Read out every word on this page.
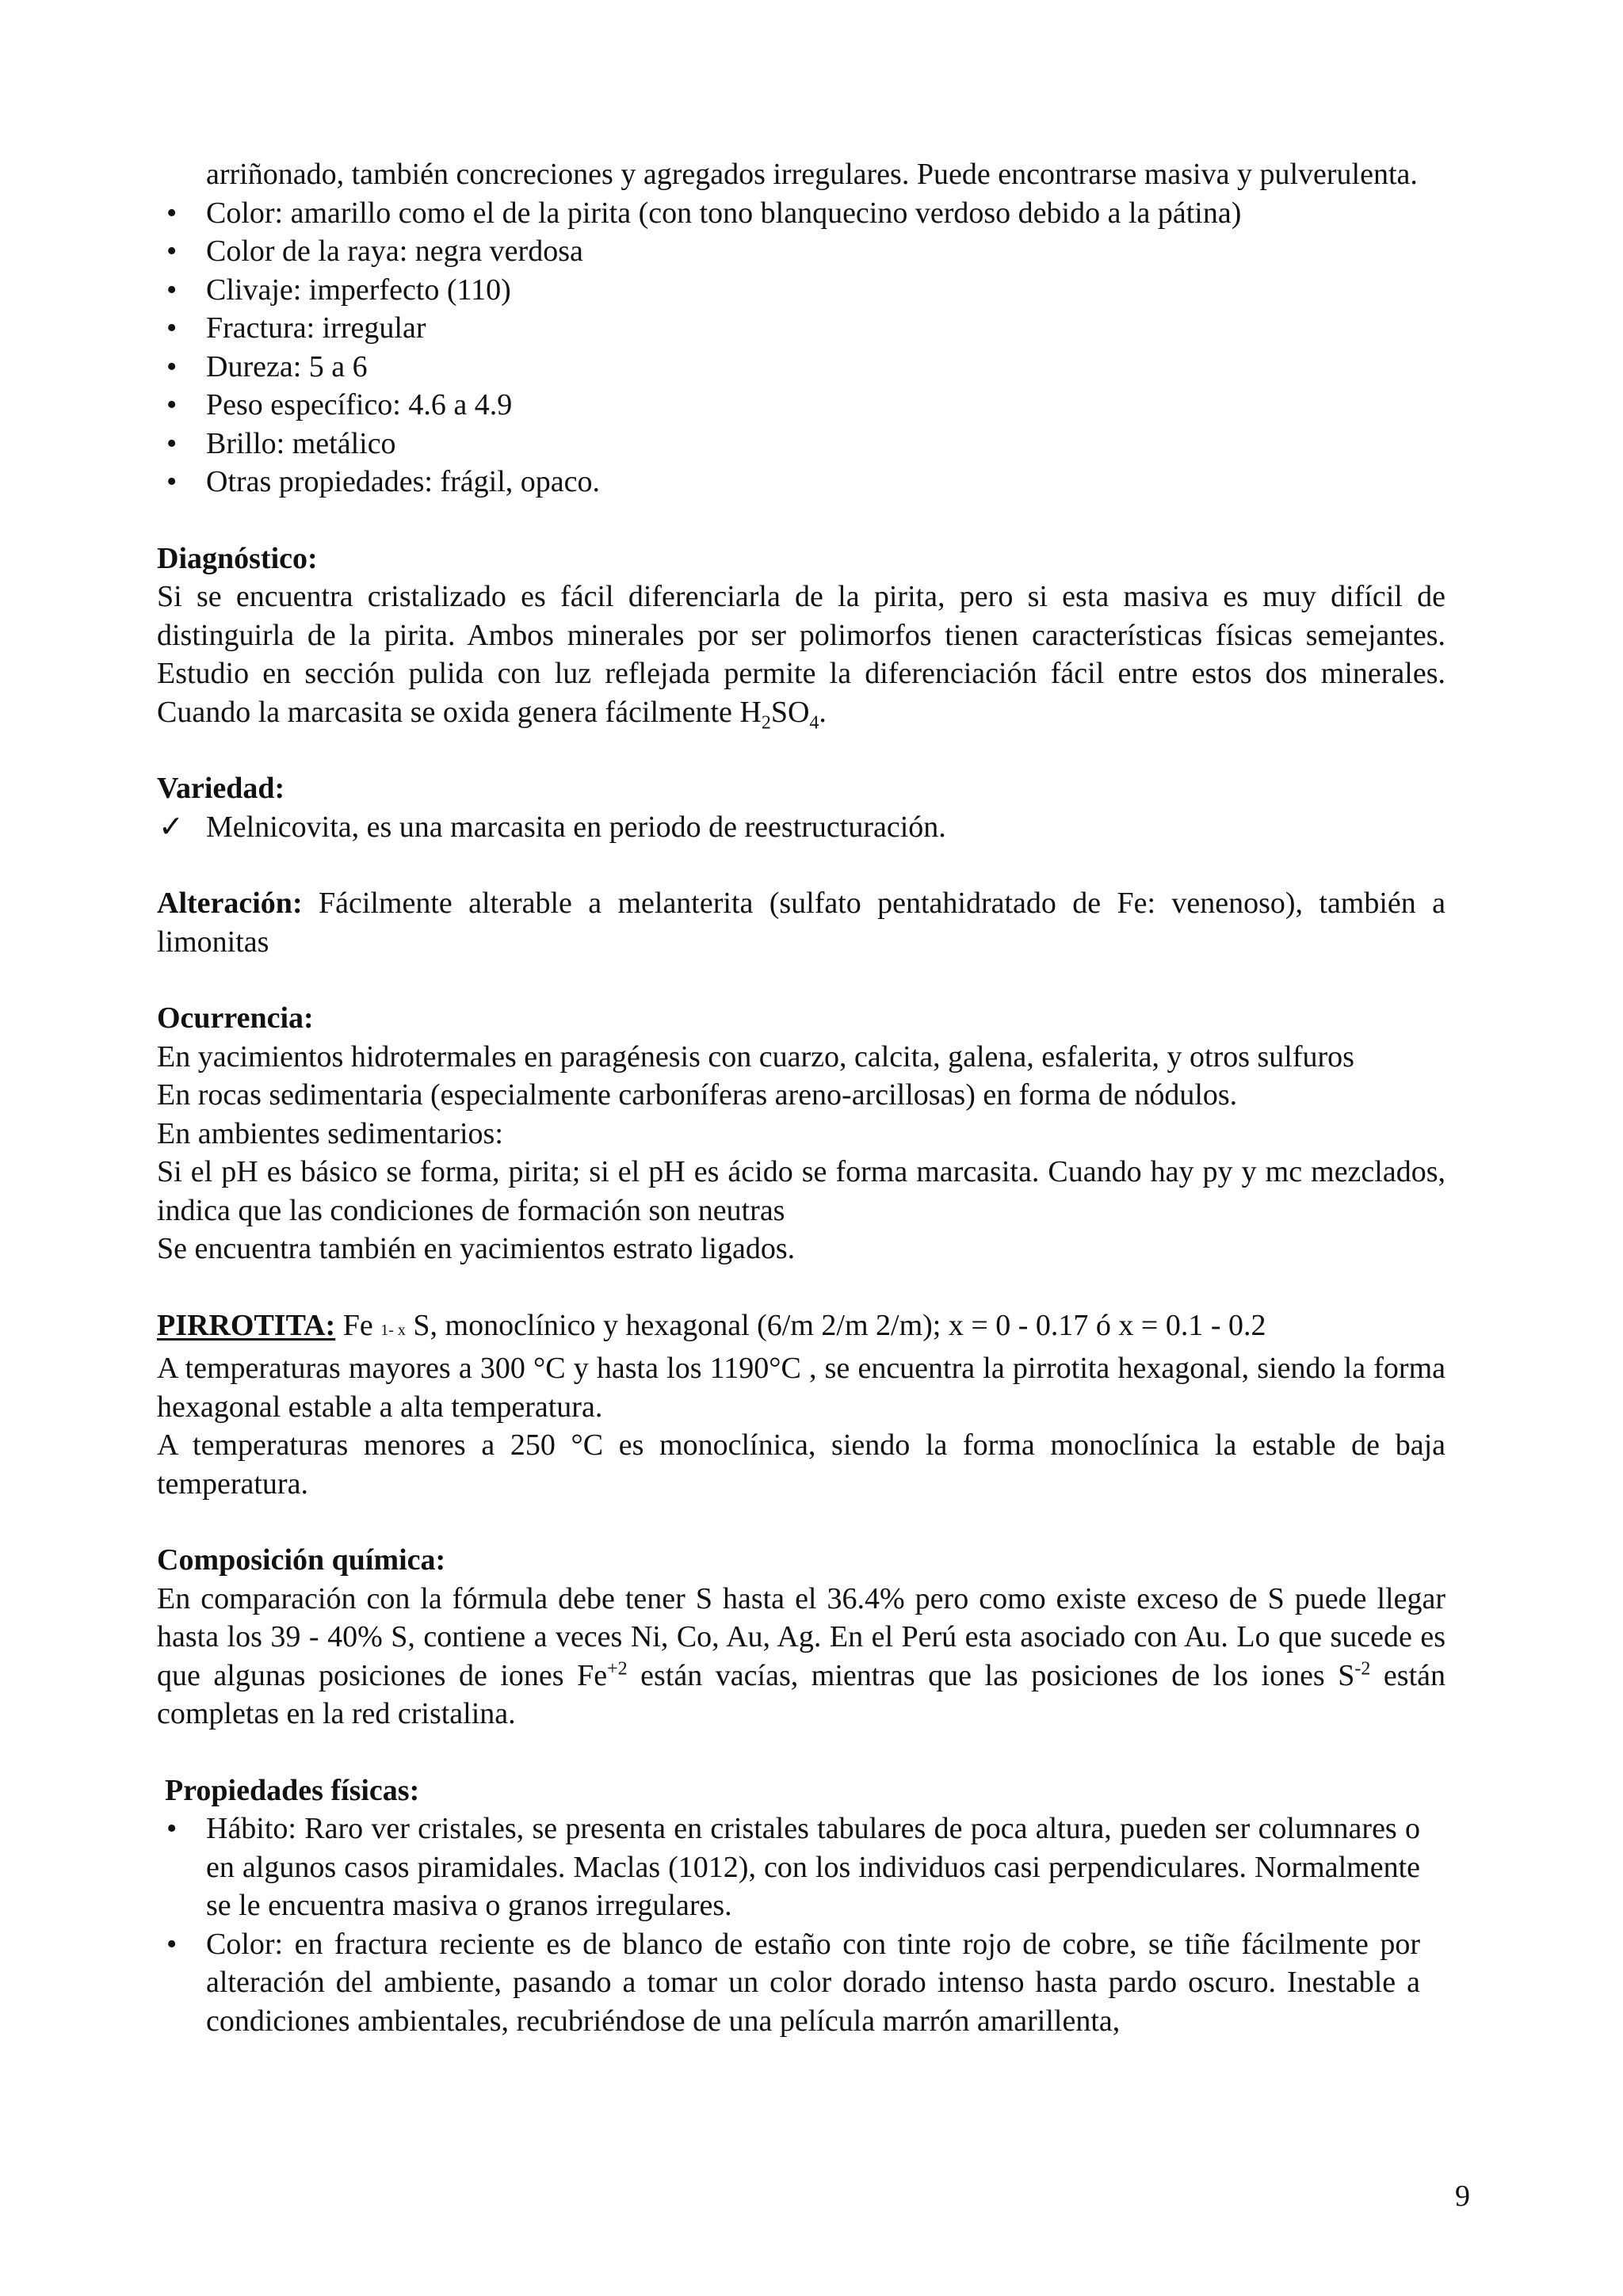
arriñonado, también concreciones y agregados irregulares. Puede encontrarse masiva y pulverulenta.

• Color: amarillo como el de la pirita (con tono blanquecino verdoso debido a la pátina)
• Color de la raya: negra verdosa
• Clivaje: imperfecto (110)
• Fractura: irregular
• Dureza: 5 a 6
• Peso específico: 4.6 a 4.9
• Brillo: metálico
• Otras propiedades: frágil, opaco.

Diagnóstico:

Si se encuentra cristalizado es fácil diferenciarla de la pirita, pero si esta masiva es muy difícil de distinguirla de la pirita. Ambos minerales por ser polimorfos tienen características físicas semejantes. Estudio en sección pulida con luz reflejada permite la diferenciación fácil entre estos dos minerales. Cuando la marcasita se oxida genera fácilmente $H_2SO_4$.

Variedad:

✓ Melnicovita, es una marcasita en periodo de reestructuración.

Alteración: Fácilmente alterable a melanterita (sulfato pentahidratado de Fe: venenoso), también a limonitas

Ocurrencia:

En yacimientos hidrotermales en paragénesis con cuarzo, calcita, galena, esfalerita, y otros sulfuros

En rocas sedimentaria (especialmente carboníferas areno-arcillosas) en forma de nódulos.

En ambientes sedimentarios:

Si el pH es básico se forma, pirita; si el pH es ácido se forma marcasita. Cuando hay py y mc mezclados, indica que las condiciones de formación son neutras

Se encuentra también en yacimientos estrato ligados.

PIRROTITA: Fe 1- x S, monoclínico y hexagonal (6/m 2/m 2/m); x = 0 - 0.17 ó x = 0.1 - 0.2

A temperaturas mayores a 300 °C y hasta los 1190°C , se encuentra la pirrotita hexagonal, siendo la forma hexagonal estable a alta temperatura.

A temperaturas menores a 250 °C es monoclínica, siendo la forma monoclínica la estable de baja temperatura.

Composición química:

En comparación con la fórmula debe tener S hasta el 36.4% pero como existe exceso de S puede llegar hasta los 39 - 40% S, contiene a veces Ni, Co, Au, Ag. En el Perú esta asociado con Au. Lo que sucede es que algunas posiciones de iones $Fe^{+2}$ están vacías, mientras que las posiciones de los iones $S^{-2}$ están completas en la red cristalina.

Propiedades físicas:

• Hábito: Raro ver cristales, se presenta en cristales tabulares de poca altura, pueden ser columnares o en algunos casos piramidales. Maclas (1012), con los individuos casi perpendiculares. Normalmente se le encuentra masiva o granos irregulares.
• Color: en fractura reciente es de blanco de estaño con tinte rojo de cobre, se tiñe fácilmente por alteración del ambiente, pasando a tomar un color dorado intenso hasta pardo oscuro. Inestable a condiciones ambientales, recubriéndose de una película marrón amarillenta,
9
